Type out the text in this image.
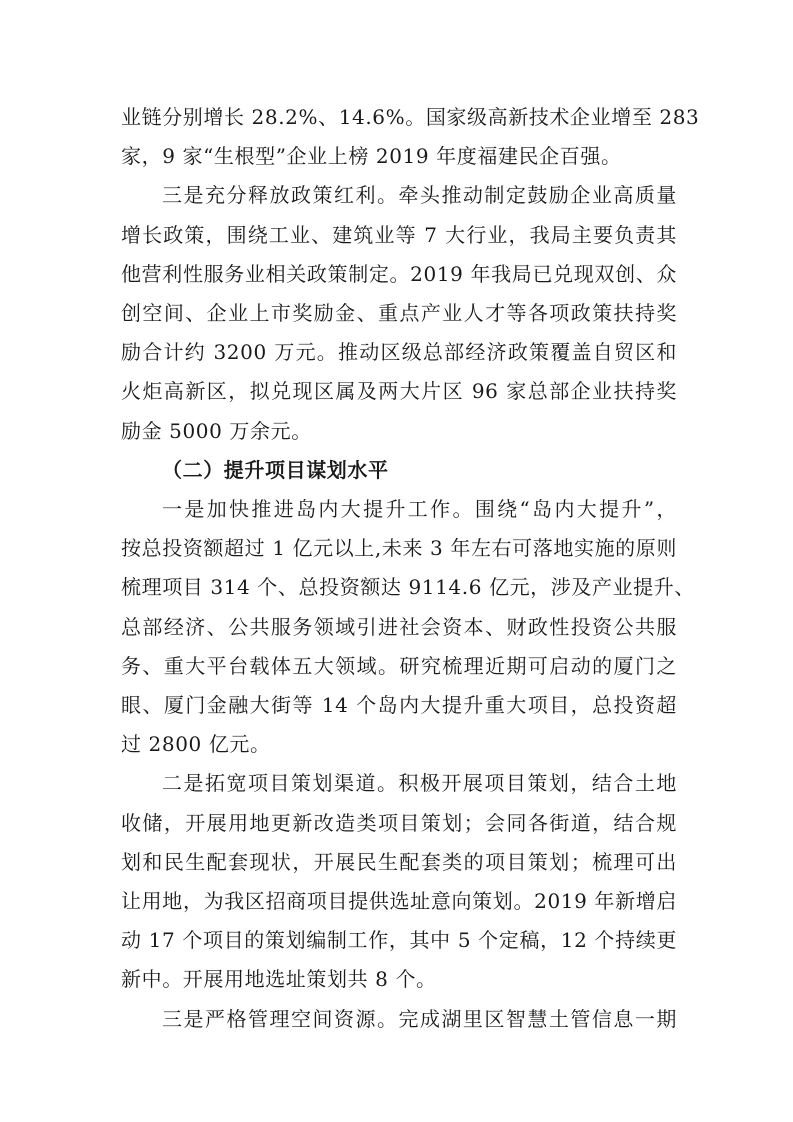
业链分别增长 28.2%、14.6%。国家级高新技术企业增至 283
家，9 家“生根型”企业上榜 2019 年度福建民企百强。

三是充分释放政策红利。牵头推动制定鼓励企业高质量
增长政策，围绕工业、建筑业等 7 大行业，我局主要负责其
他营利性服务业相关政策制定。2019 年我局已兑现双创、众
创空间、企业上市奖励金、重点产业人才等各项政策扶持奖
励合计约 3200 万元。推动区级总部经济政策覆盖自贸区和
火炬高新区，拟兑现区属及两大片区 96 家总部企业扶持奖
励金 5000 万余元。

（二）提升项目谋划水平

一是加快推进岛内大提升工作。围绕“岛内大提升”，
按总投资额超过 1 亿元以上,未来 3 年左右可落地实施的原则
梳理项目 314 个、总投资额达 9114.6 亿元，涉及产业提升、
总部经济、公共服务领域引进社会资本、财政性投资公共服
务、重大平台载体五大领域。研究梳理近期可启动的厦门之
眼、厦门金融大街等 14 个岛内大提升重大项目，总投资超
过 2800 亿元。

二是拓宽项目策划渠道。积极开展项目策划，结合土地
收储，开展用地更新改造类项目策划；会同各街道，结合规
划和民生配套现状，开展民生配套类的项目策划；梳理可出
让用地，为我区招商项目提供选址意向策划。2019 年新增启
动 17 个项目的策划编制工作，其中 5 个定稿，12 个持续更
新中。开展用地选址策划共 8 个。

三是严格管理空间资源。完成湖里区智慧土管信息一期
